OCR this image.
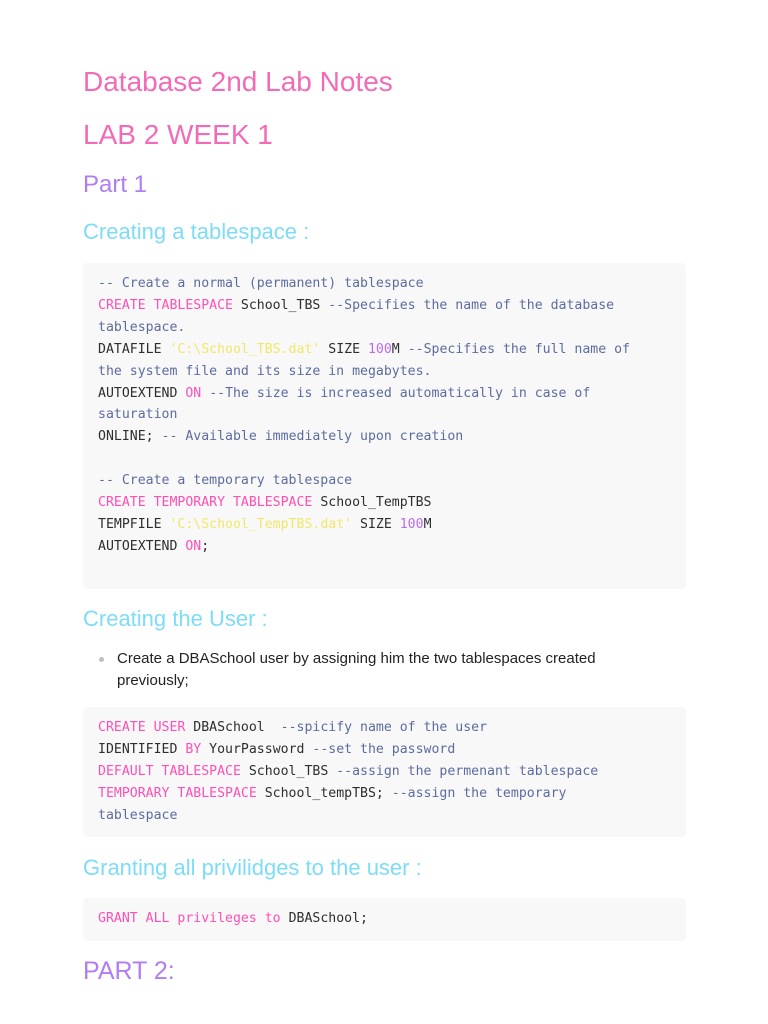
Database 2nd Lab Notes
LAB 2 WEEK 1
Part 1
Creating a tablespace :
-- Create a normal (permanent) tablespace
CREATE TABLESPACE School_TBS --Specifies the name of the database
tablespace.
DATAFILE 'C:\School_TBS.dat' SIZE 100M --Specifies the full name of
the system file and its size in megabytes.
AUTOEXTEND ON --The size is increased automatically in case of
saturation
ONLINE; -- Available immediately upon creation
-- Create a temporary tablespace
CREATE TEMPORARY TABLESPACE School_TempTBS
TEMPFILE 'C:\School_TempTBS.dat' SIZE 100M
AUTOEXTEND ON;
Creating the User :
Create a DBASchool user by assigning him the two tablespaces created previously;
CREATE USER DBASchool  --spicify name of the user
IDENTIFIED BY YourPassword --set the password
DEFAULT TABLESPACE School_TBS --assign the permenant tablespace
TEMPORARY TABLESPACE School_tempTBS; --assign the temporary
tablespace
Granting all privilidges to the user :
GRANT ALL privileges to DBASchool;
PART 2:
